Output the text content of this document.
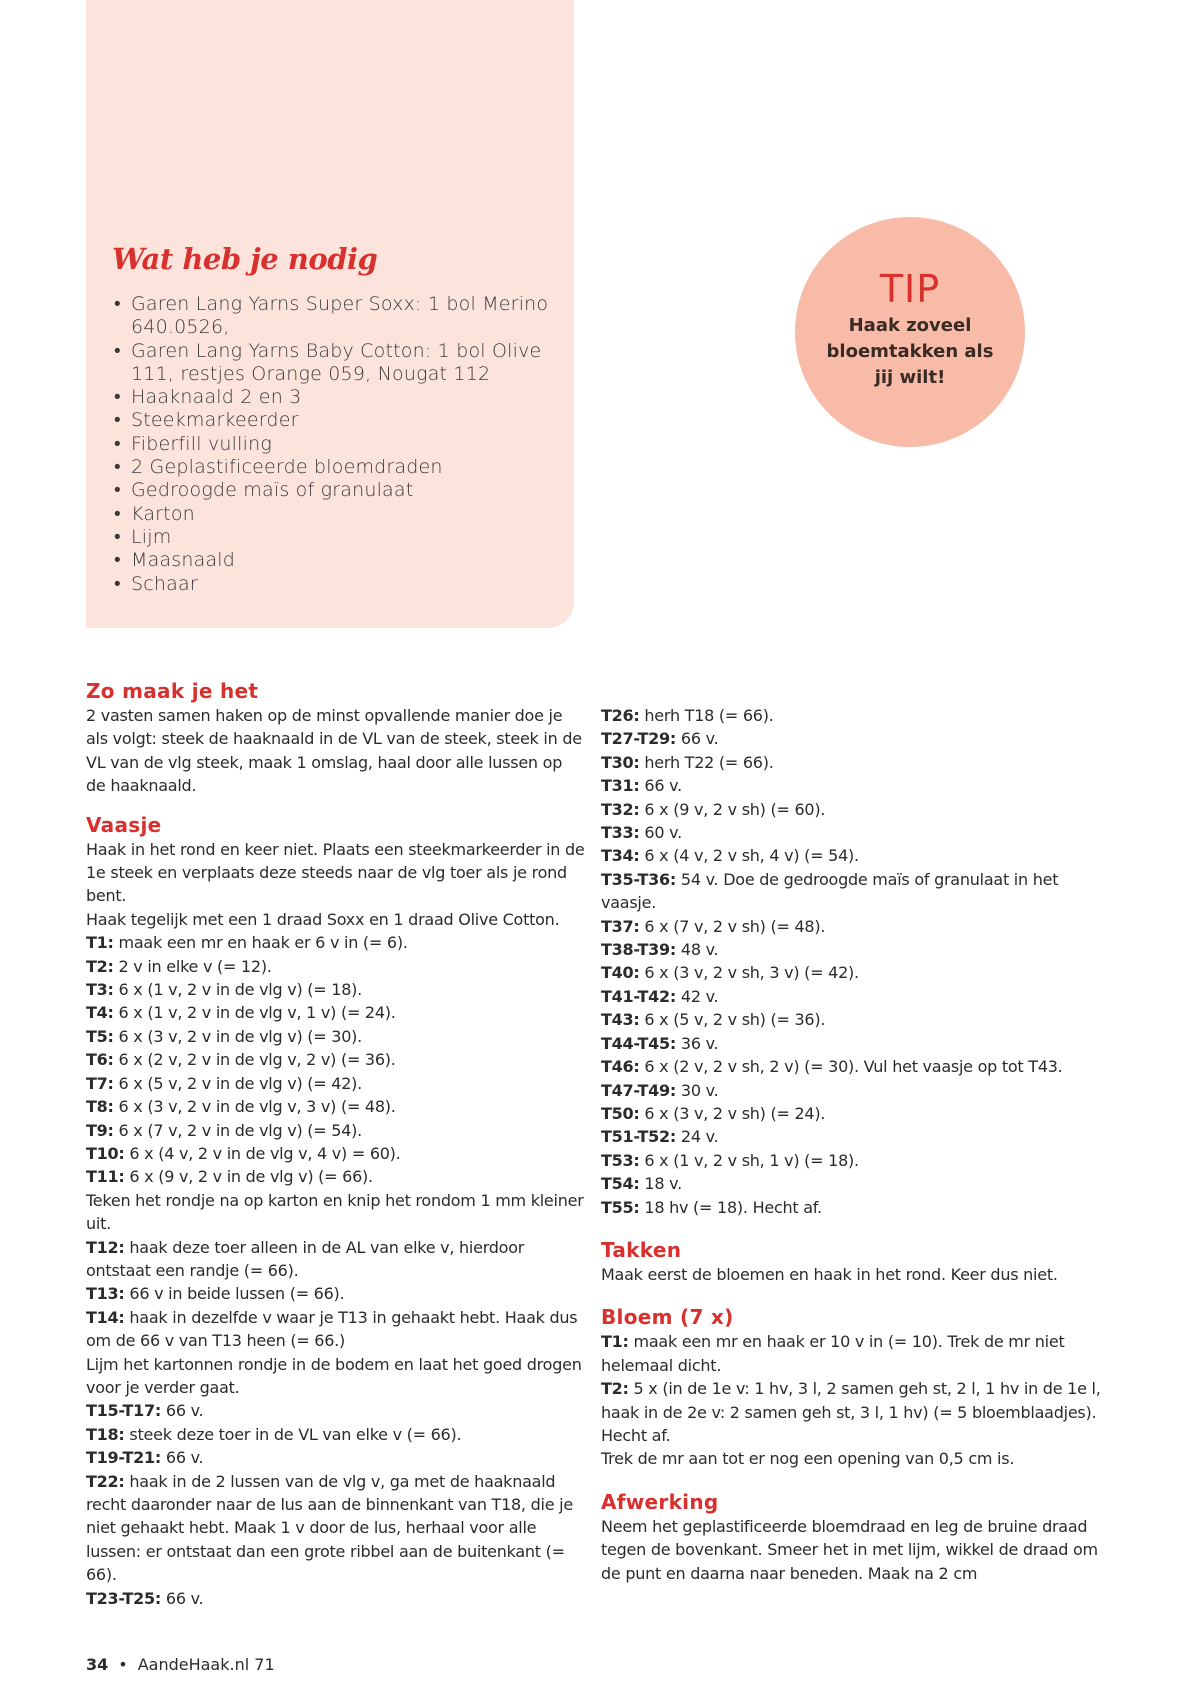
Wat heb je nodig
• Garen Lang Yarns Super Soxx: 1 bol Merino 640.0526,
• Garen Lang Yarns Baby Cotton: 1 bol Olive 111, restjes Orange 059, Nougat 112
• Haaknaald 2 en 3
• Steekmarkeerder
• Fiberfill vulling
• 2 Geplastificeerde bloemdraden
• Gedroogde maïs of granulaat
• Karton
• Lijm
• Maasnaald
• Schaar
TIP
Haak zoveel bloemtakken als jij wilt!
Zo maak je het

2 vasten samen haken op de minst opvallende manier doe je als volgt: steek de haaknaald in de VL van de steek, steek in de VL van de vlg steek, maak 1 omslag, haal door alle lussen op de haaknaald.

Vaasje

Haak in het rond en keer niet. Plaats een steekmarkeerder in de 1e steek en verplaats deze steeds naar de vlg toer als je rond bent.

Haak tegelijk met een 1 draad Soxx en 1 draad Olive Cotton.

T1: maak een mr en haak er 6 v in (= 6).

T2: 2 v in elke v (= 12).

T3: 6 x (1 v, 2 v in de vlg v) (= 18).

T4: 6 x (1 v, 2 v in de vlg v, 1 v) (= 24).

T5: 6 x (3 v, 2 v in de vlg v) (= 30).

T6: 6 x (2 v, 2 v in de vlg v, 2 v) (= 36).

T7: 6 x (5 v, 2 v in de vlg v) (= 42).

T8: 6 x (3 v, 2 v in de vlg v, 3 v) (= 48).

T9: 6 x (7 v, 2 v in de vlg v) (= 54).

T10: 6 x (4 v, 2 v in de vlg v, 4 v) = 60).

T11: 6 x (9 v, 2 v in de vlg v) (= 66).

Teken het rondje na op karton en knip het rondom 1 mm kleiner uit.

T12: haak deze toer alleen in de AL van elke v, hierdoor ontstaat een randje (= 66).

T13: 66 v in beide lussen (= 66).

T14: haak in dezelfde v waar je T13 in gehaakt hebt. Haak dus om de 66 v van T13 heen (= 66.)

Lijm het kartonnen rondje in de bodem en laat het goed drogen voor je verder gaat.

T15-T17: 66 v.

T18: steek deze toer in de VL van elke v (= 66).

T19-T21: 66 v.

T22: haak in de 2 lussen van de vlg v, ga met de haaknaald recht daaronder naar de lus aan de binnenkant van T18, die je niet gehaakt hebt. Maak 1 v door de lus, herhaal voor alle lussen: er ontstaat dan een grote ribbel aan de buitenkant (= 66).

T23-T25: 66 v.

T26: herh T18 (= 66).

T27-T29: 66 v.

T30: herh T22 (= 66).

T31: 66 v.

T32: 6 x (9 v, 2 v sh) (= 60).

T33: 60 v.

T34: 6 x (4 v, 2 v sh, 4 v) (= 54).

T35-T36: 54 v. Doe de gedroogde maïs of granulaat in het vaasje.

T37: 6 x (7 v, 2 v sh) (= 48).

T38-T39: 48 v.

T40: 6 x (3 v, 2 v sh, 3 v) (= 42).

T41-T42: 42 v.

T43: 6 x (5 v, 2 v sh) (= 36).

T44-T45: 36 v.

T46: 6 x (2 v, 2 v sh, 2 v) (= 30). Vul het vaasje op tot T43.

T47-T49: 30 v.

T50: 6 x (3 v, 2 v sh) (= 24).

T51-T52: 24 v.

T53: 6 x (1 v, 2 v sh, 1 v) (= 18).

T54: 18 v.

T55: 18 hv (= 18). Hecht af.

Takken

Maak eerst de bloemen en haak in het rond. Keer dus niet.

Bloem (7 x)

T1: maak een mr en haak er 10 v in (= 10). Trek de mr niet helemaal dicht.

T2: 5 x (in de 1e v: 1 hv, 3 l, 2 samen geh st, 2 l, 1 hv in de 1e l, haak in de 2e v: 2 samen geh st, 3 l, 1 hv) (= 5 bloemblaadjes). Hecht af.

Trek de mr aan tot er nog een opening van 0,5 cm is.

Afwerking

Neem het geplastificeerde bloemdraad en leg de bruine draad tegen de bovenkant. Smeer het in met lijm, wikkel de draad om de punt en daarna naar beneden. Maak na 2 cm

34 • AandeHaak.nl 71
